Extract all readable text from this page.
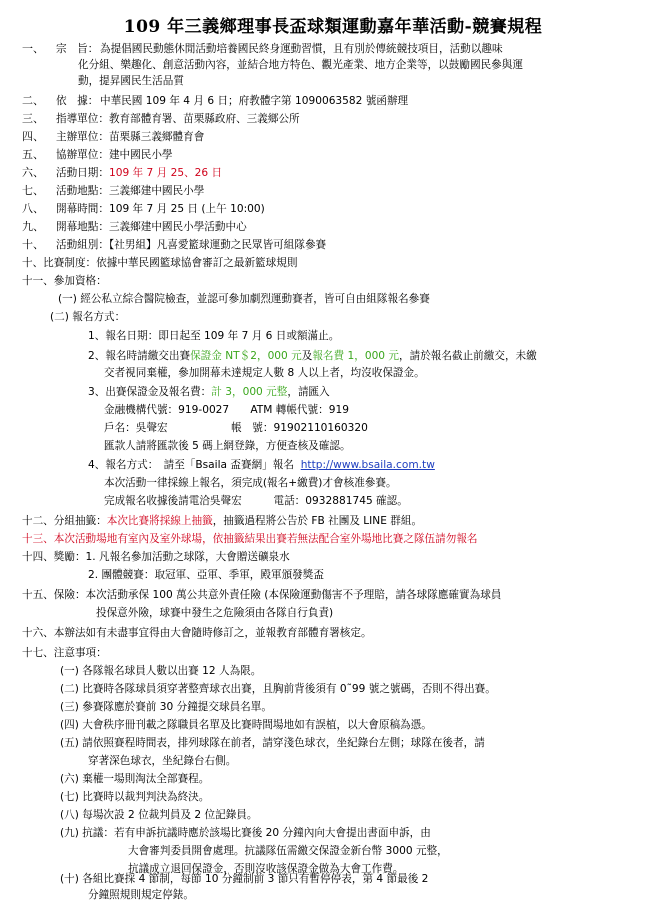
109 年三義鄉理事長盃球類運動嘉年華活動-競賽規程
一、 宗　旨： 為提倡國民動態休閒活動培養國民終身運動習慣，且有別於傳統競技項目，活動以趣味
化分組、樂趣化、創意活動內容，並結合地方特色、觀光產業、地方企業等，以鼓勵國民參與運
動，提昇國民生活品質
二、 依　據： 中華民國 109 年 4 月 6 日；府教體字第 1090063582 號函辦理
三、 指導單位：教育部體育署、苗栗縣政府、三義鄉公所
四、 主辦單位：苗栗縣三義鄉體育會
五、 協辦單位：建中國民小學
六、 活動日期：109 年 7 月 25、26 日
七、 活動地點：三義鄉建中國民小學
八、 開幕時間：109 年 7 月 25 日 (上午 10:00)
九、 開幕地點：三義鄉建中國民小學活動中心
十、 活動組別：【社男組】凡喜愛籃球運動之民眾皆可組隊參賽
十、比賽制度：依據中華民國籃球協會審訂之最新籃球規則
十一、參加資格：
(一) 經公私立綜合醫院檢查，並認可參加劇烈運動賽者，皆可自由組隊報名參賽
(二) 報名方式：
1、報名日期：即日起至 109 年 7 月 6 日或額滿止。
2、報名時請繳交出賽保證金 NT＄2，000 元及報名費 1，000 元，請於報名截止前繳交，未繳
交者視同棄權，參加開幕未達規定人數 8 人以上者，均沒收保證金。
3、出賽保證金及報名費：計 3，000 元整，請匯入
金融機構代號：919-0027　　ATM 轉帳代號：919
戶名：吳聲宏　　　　　　帳　號：91902110160320
匯款人請將匯款後 5 碼上網登錄，方便查核及確認。
4、報名方式：　請至「Bsaila 盃賽網」報名 http://www.bsaila.com.tw
本次活動一律採線上報名，須完成(報名+繳費)才會核准參賽。
完成報名收據後請電洽吳聲宏　　　電話：0932881745 確認。
十二、分組抽籤：本次比賽將採線上抽籤，抽籤過程將公告於 FB 社團及 LINE 群組。
十三、本次活動場地有室內及室外球場，依抽籤結果出賽若無法配合室外場地比賽之隊伍請勿報名
十四、獎勵：1. 凡報名參加活動之球隊，大會贈送礦泉水
2. 團體競賽：取冠軍、亞軍、季軍，殿軍頒發獎盃
十五、保險：本次活動承保 100 萬公共意外責任險 (本保險運動傷害不予理賠，請各球隊應確實為球員
投保意外險，球賽中發生之危險須由各隊自行負責)
十六、本辦法如有未盡事宜得由大會隨時修訂之，並報教育部體育署核定。
十七、注意事項：
(一) 各隊報名球員人數以出賽 12 人為限。
(二) 比賽時各隊球員須穿著整齊球衣出賽，且胸前背後須有 0˜99 號之號碼，否則不得出賽。
(三) 參賽隊應於賽前 30 分鐘提交球員名單。
(四) 大會秩序冊刊載之隊職員名單及比賽時間場地如有誤植，以大會原稿為憑。
(五) 請依照賽程時間表，排列球隊在前者，請穿淺色球衣，坐紀錄台左側；球隊在後者，請
穿著深色球衣，坐紀錄台右側。
(六) 棄權一場則淘汰全部賽程。
(七) 比賽時以裁判判決為終決。
(八) 每場次設 2 位裁判員及 2 位記錄員。
(九) 抗議：若有申訴抗議時應於該場比賽後 20 分鐘內向大會提出書面申訴，由
大會審判委員開會處理。抗議隊伍需繳交保證金新台幣 3000 元整，
抗議成立退回保證金，否則沒收該保證金做為大會工作費。
(十) 各組比賽採 4 節制，每節 10 分鐘制前 3 節只有暫停停表，第 4 節最後 2
分鐘照規則規定停錶。
